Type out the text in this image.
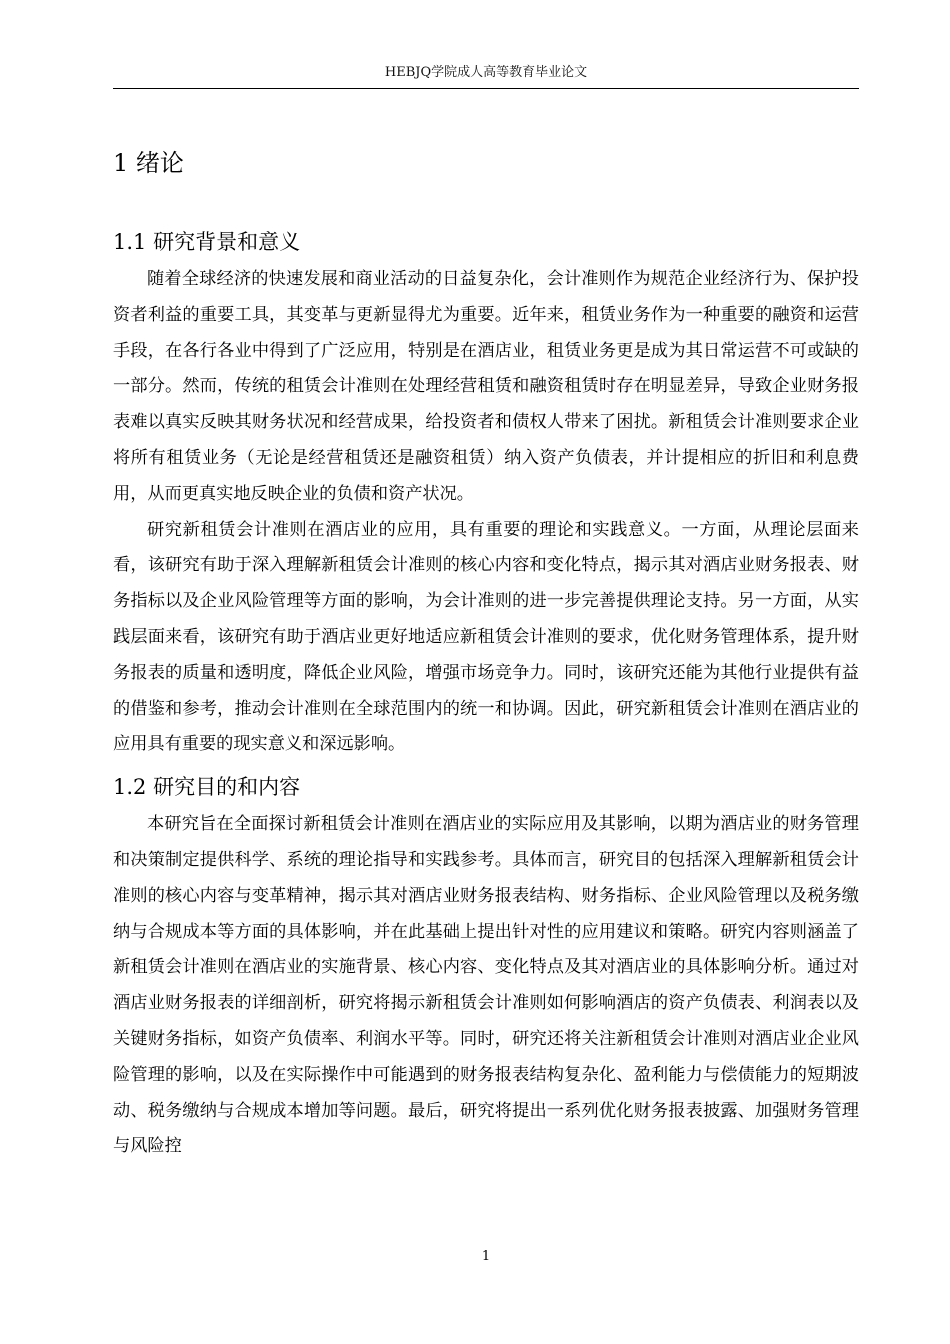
HEBJQ学院成人高等教育毕业论文
1 绪论
1.1 研究背景和意义

随着全球经济的快速发展和商业活动的日益复杂化，会计准则作为规范企业经济行为、保护投资者利益的重要工具，其变革与更新显得尤为重要。近年来，租赁业务作为一种重要的融资和运营手段，在各行各业中得到了广泛应用，特别是在酒店业，租赁业务更是成为其日常运营不可或缺的一部分。然而，传统的租赁会计准则在处理经营租赁和融资租赁时存在明显差异，导致企业财务报表难以真实反映其财务状况和经营成果，给投资者和债权人带来了困扰。新租赁会计准则要求企业将所有租赁业务（无论是经营租赁还是融资租赁）纳入资产负债表，并计提相应的折旧和利息费用，从而更真实地反映企业的负债和资产状况。

研究新租赁会计准则在酒店业的应用，具有重要的理论和实践意义。一方面，从理论层面来看，该研究有助于深入理解新租赁会计准则的核心内容和变化特点，揭示其对酒店业财务报表、财务指标以及企业风险管理等方面的影响，为会计准则的进一步完善提供理论支持。另一方面，从实践层面来看，该研究有助于酒店业更好地适应新租赁会计准则的要求，优化财务管理体系，提升财务报表的质量和透明度，降低企业风险，增强市场竞争力。同时，该研究还能为其他行业提供有益的借鉴和参考，推动会计准则在全球范围内的统一和协调。因此，研究新租赁会计准则在酒店业的应用具有重要的现实意义和深远影响。

1.2 研究目的和内容

本研究旨在全面探讨新租赁会计准则在酒店业的实际应用及其影响，以期为酒店业的财务管理和决策制定提供科学、系统的理论指导和实践参考。具体而言，研究目的包括深入理解新租赁会计准则的核心内容与变革精神，揭示其对酒店业财务报表结构、财务指标、企业风险管理以及税务缴纳与合规成本等方面的具体影响，并在此基础上提出针对性的应用建议和策略。研究内容则涵盖了新租赁会计准则在酒店业的实施背景、核心内容、变化特点及其对酒店业的具体影响分析。通过对酒店业财务报表的详细剖析，研究将揭示新租赁会计准则如何影响酒店的资产负债表、利润表以及关键财务指标，如资产负债率、利润水平等。同时，研究还将关注新租赁会计准则对酒店业企业风险管理的影响，以及在实际操作中可能遇到的财务报表结构复杂化、盈利能力与偿债能力的短期波动、税务缴纳与合规成本增加等问题。最后，研究将提出一系列优化财务报表披露、加强财务管理与风险控

1
